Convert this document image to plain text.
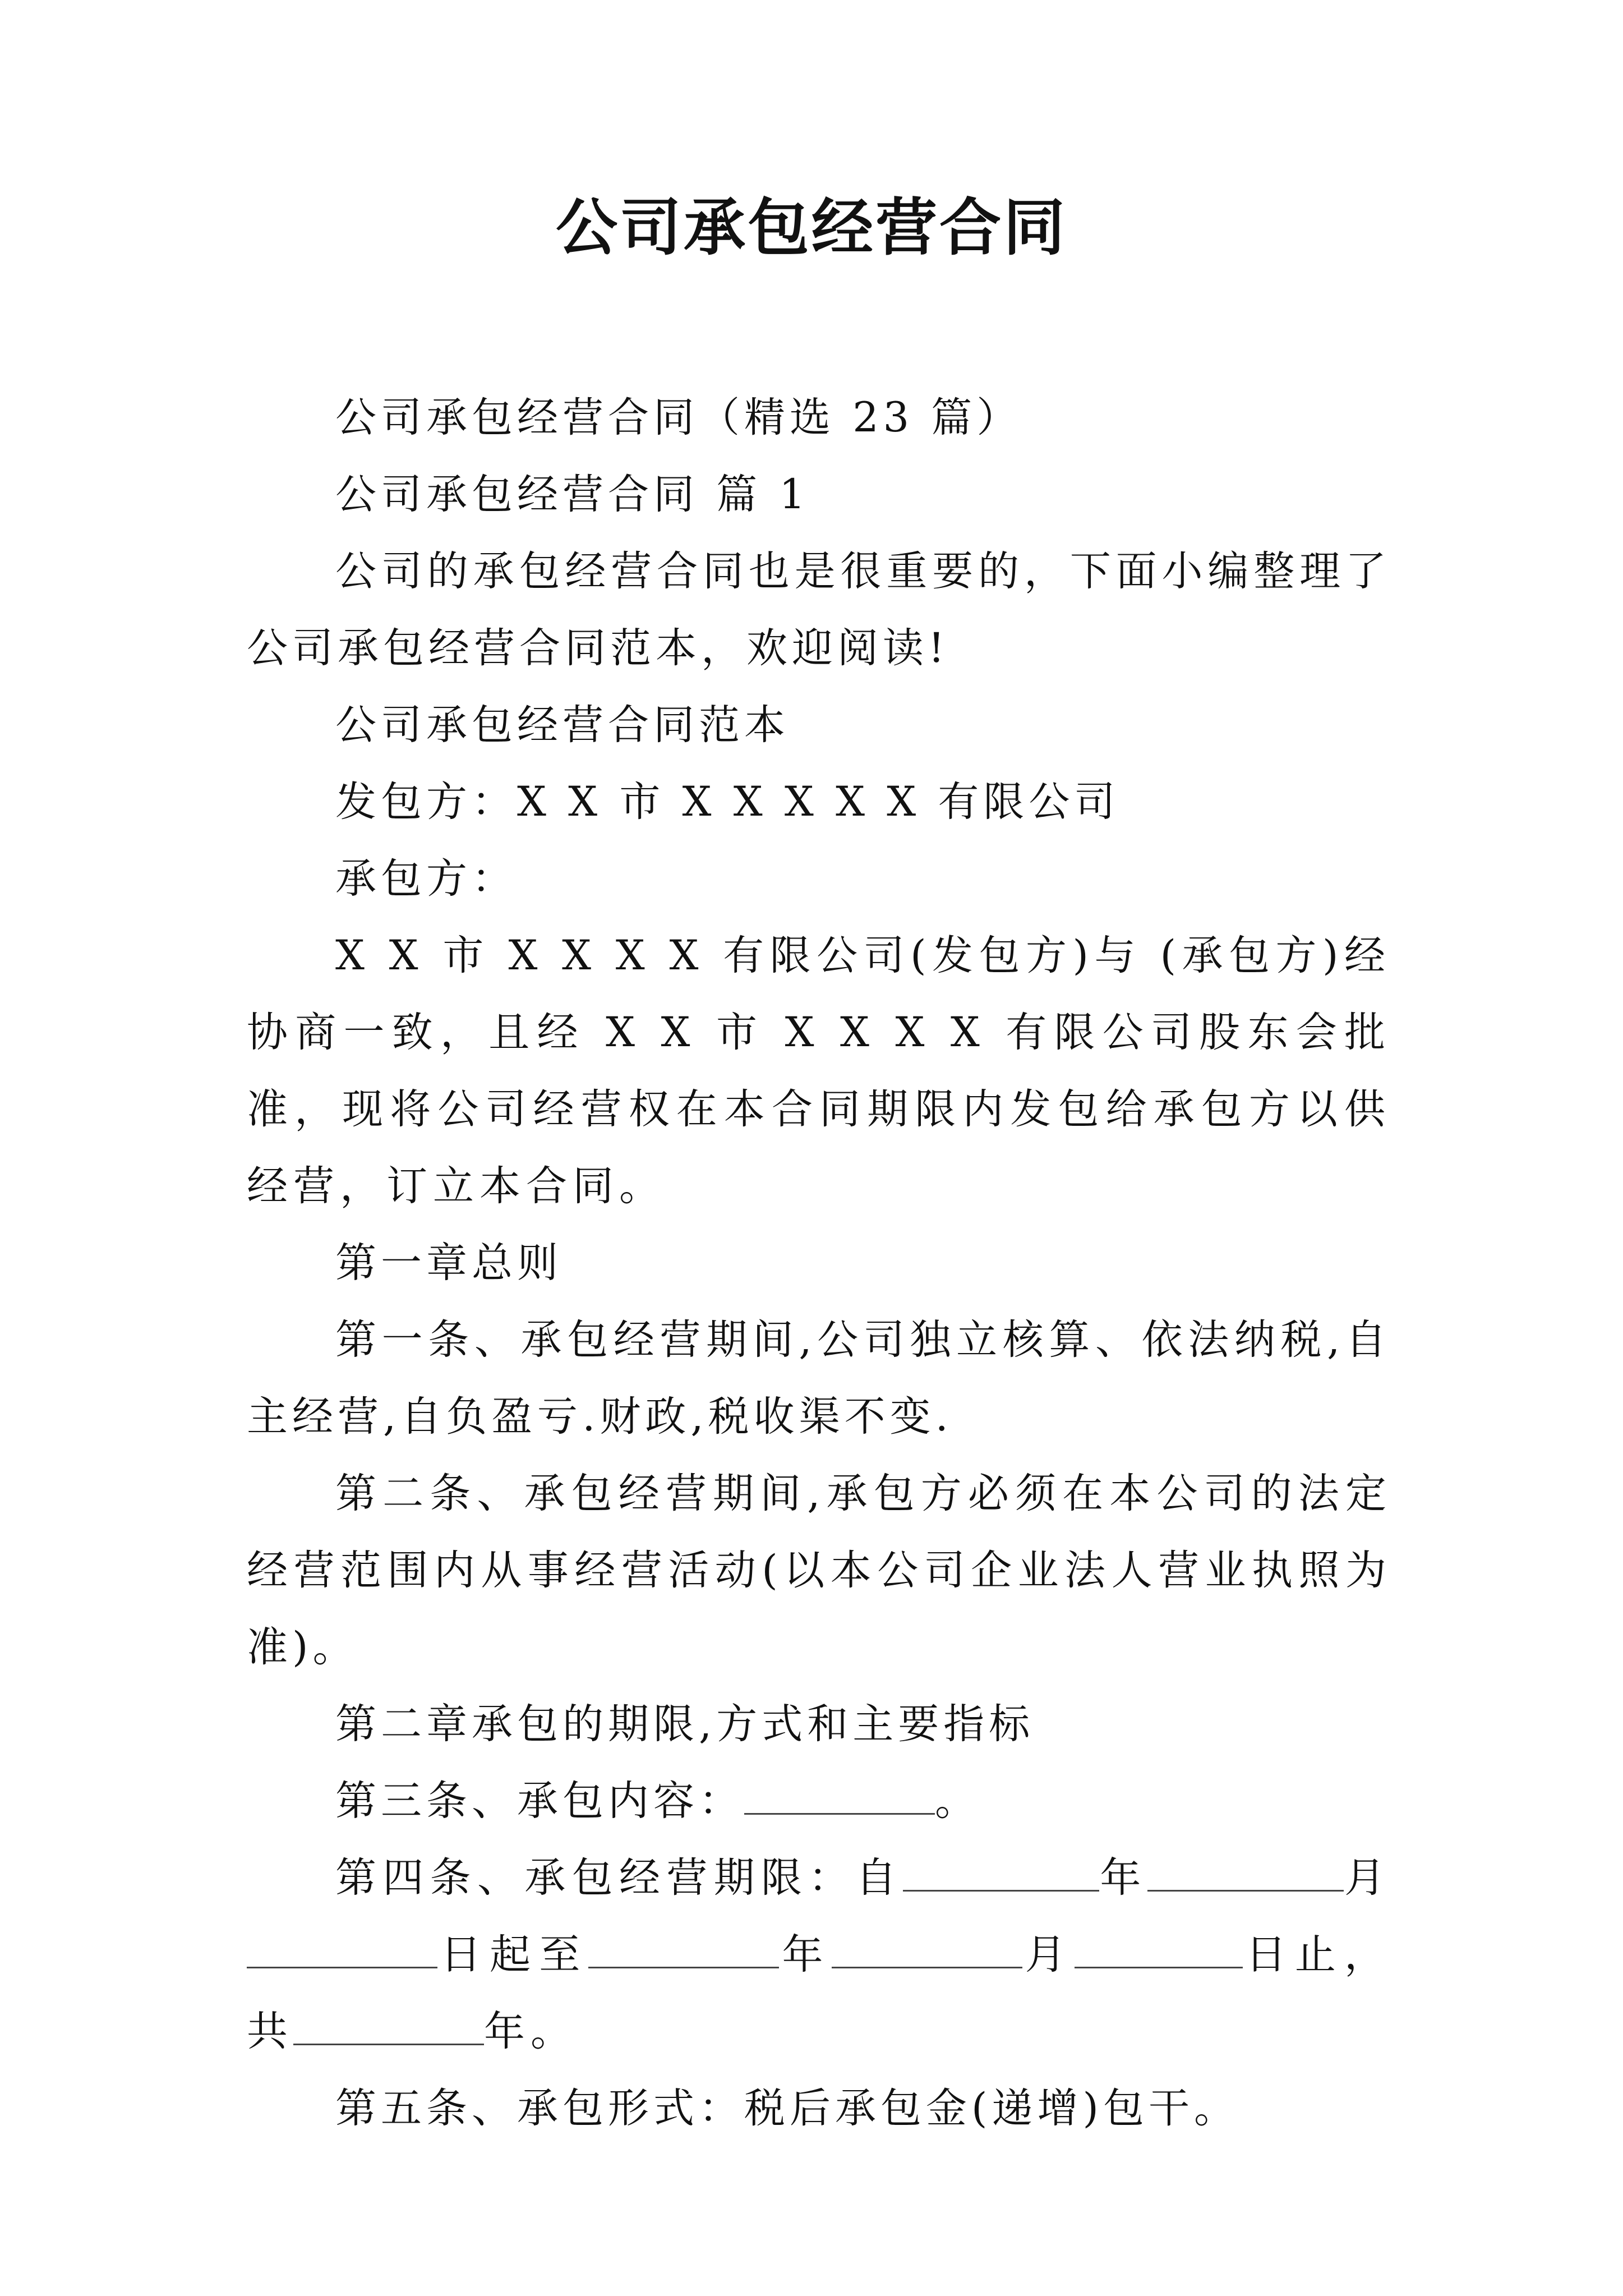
公司承包经营合同

公司承包经营合同（精选 23 篇）

公司承包经营合同 篇 1

公司的承包经营合同也是很重要的，下面小编整理了公司承包经营合同范本，欢迎阅读!

公司承包经营合同范本

发包方：X X 市 X X X X X 有限公司

承包方：

X X 市 X X X X 有限公司(发包方)与 (承包方)经协商一致，且经 X X 市 X X X X 有限公司股东会批准，现将公司经营权在本合同期限内发包给承包方以供经营，订立本合同。

第一章总则

第一条、承包经营期间,公司独立核算、依法纳税,自主经营,自负盈亏.财政,税收渠不变.

第二条、承包经营期间,承包方必须在本公司的法定经营范围内从事经营活动(以本公司企业法人营业执照为准)。

第二章承包的期限,方式和主要指标

第三条、承包内容：	。

第四条、承包经营期限：自	年	月日起至	年	月	日止，共	年。

第五条、承包形式：税后承包金(递增)包干。
